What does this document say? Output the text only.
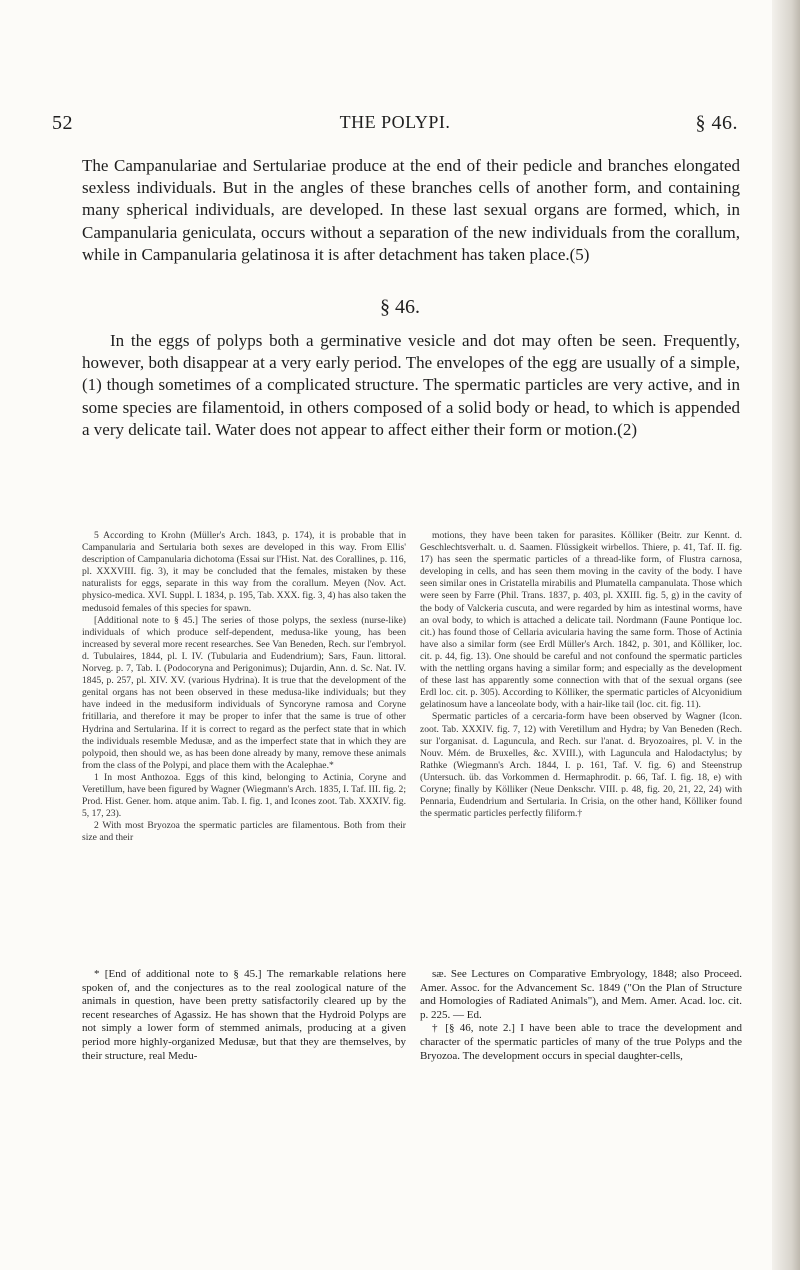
52	THE POLYPI.	§ 46.

The Campanulariae and Sertulariae produce at the end of their pedicle and branches elongated sexless individuals. But in the angles of these branches cells of another form, and containing many spherical individuals, are developed. In these last sexual organs are formed, which, in Campanularia geniculata, occurs without a separation of the new individuals from the corallum, while in Campanularia gelatinosa it is after detachment has taken place.(5)

§ 46.

In the eggs of polyps both a germinative vesicle and dot may often be seen. Frequently, however, both disappear at a very early period. The envelopes of the egg are usually of a simple,(1) though sometimes of a complicated structure. The spermatic particles are very active, and in some species are filamentoid, in others composed of a solid body or head, to which is appended a very delicate tail. Water does not appear to affect either their form or motion.(2)

5 According to Krohn (Müller's Arch. 1843, p. 174), it is probable that in Campanularia and Sertularia both sexes are developed in this way. From Ellis' description of Campanularia dichotoma (Essai sur l'Hist. Nat. des Corallines, p. 116, pl. XXXVIII. fig. 3), it may be concluded that the females, mistaken by these naturalists for eggs, separate in this way from the corallum. Meyen (Nov. Act. physico-medica. XVI. Suppl. I. 1834, p. 195, Tab. XXX. fig. 3, 4) has also taken the medusoid females of this species for spawn.

[Additional note to § 45.] The series of those polyps, the sexless (nurse-like) individuals of which produce self-dependent, medusa-like young, has been increased by several more recent researches. See Van Beneden, Rech. sur l'embryol. d. Tubulaires, 1844, pl. I. IV. (Tubularia and Eudendrium); Sars, Faun. littoral. Norveg. p. 7, Tab. I. (Podocoryna and Perigonimus); Dujardin, Ann. d. Sc. Nat. IV. 1845, p. 257, pl. XIV. XV. (various Hydrina). It is true that the development of the genital organs has not been observed in these medusa-like individuals; but they have indeed in the medusiform individuals of Syncoryne ramosa and Coryne fritillaria, and therefore it may be proper to infer that the same is true of other Hydrina and Sertularina. If it is correct to regard as the perfect state that in which the individuals resemble Medusæ, and as the imperfect state that in which they are polypoid, then should we, as has been done already by many, remove these animals from the class of the Polypi, and place them with the Acalephae.*

1 In most Anthozoa. Eggs of this kind, belonging to Actinia, Coryne and Veretillum, have been figured by Wagner (Wiegmann's Arch. 1835, I. Taf. III. fig. 2; Prod. Hist. Gener. hom. atque anim. Tab. I. fig. 1, and Icones zoot. Tab. XXXIV. fig. 5, 17, 23).

2 With most Bryozoa the spermatic particles are filamentous. Both from their size and their

motions, they have been taken for parasites. Kölliker (Beitr. zur Kennt. d. Geschlechtsverhalt. u. d. Saamen. Flüssigkeit wirbellos. Thiere, p. 41, Taf. II. fig. 17) has seen the spermatic particles of a thread-like form, of Flustra carnosa, developing in cells, and has seen them moving in the cavity of the body. I have seen similar ones in Cristatella mirabilis and Plumatella campanulata. Those which were seen by Farre (Phil. Trans. 1837, p. 403, pl. XXIII. fig. 5, g) in the cavity of the body of Valckeria cuscuta, and were regarded by him as intestinal worms, have an oval body, to which is attached a delicate tail. Nordmann (Faune Pontique loc. cit.) has found those of Cellaria avicularia having the same form. Those of Actinia have also a similar form (see Erdl Müller's Arch. 1842, p. 301, and Kölliker, loc. cit. p. 44, fig. 13). One should be careful and not confound the spermatic particles with the nettling organs having a similar form; and especially as the development of these last has apparently some connection with that of the sexual organs (see Erdl loc. cit. p. 305). According to Kölliker, the spermatic particles of Alcyonidium gelatinosum have a lanceolate body, with a hair-like tail (loc. cit. fig. 11).

Spermatic particles of a cercaria-form have been observed by Wagner (Icon. zoot. Tab. XXXIV. fig. 7, 12) with Veretillum and Hydra; by Van Beneden (Rech. sur l'organisat. d. Laguncula, and Rech. sur l'anat. d. Bryozoaires, pl. V. in the Nouv. Mém. de Bruxelles, &c. XVIII.), with Laguncula and Halodactylus; by Rathke (Wiegmann's Arch. 1844, I. p. 161, Taf. V. fig. 6) and Steenstrup (Untersuch. üb. das Vorkommen d. Hermaphrodit. p. 66, Taf. I. fig. 18, e) with Coryne; finally by Kölliker (Neue Denkschr. VIII. p. 48, fig. 20, 21, 22, 24) with Pennaria, Eudendrium and Sertularia. In Crisia, on the other hand, Kölliker found the spermatic particles perfectly filiform.†

* [End of additional note to § 45.] The remarkable relations here spoken of, and the conjectures as to the real zoological nature of the animals in question, have been pretty satisfactorily cleared up by the recent researches of Agassiz. He has shown that the Hydroid Polyps are not simply a lower form of stemmed animals, producing at a given period more highly-organized Medusæ, but that they are themselves, by their structure, real Medu-

sæ. See Lectures on Comparative Embryology, 1848; also Proceed. Amer. Assoc. for the Advancement Sc. 1849 ("On the Plan of Structure and Homologies of Radiated Animals"), and Mem. Amer. Acad. loc. cit. p. 225. — Ed.

† [§ 46, note 2.] I have been able to trace the development and character of the spermatic particles of many of the true Polyps and the Bryozoa. The development occurs in special daughter-cells,
